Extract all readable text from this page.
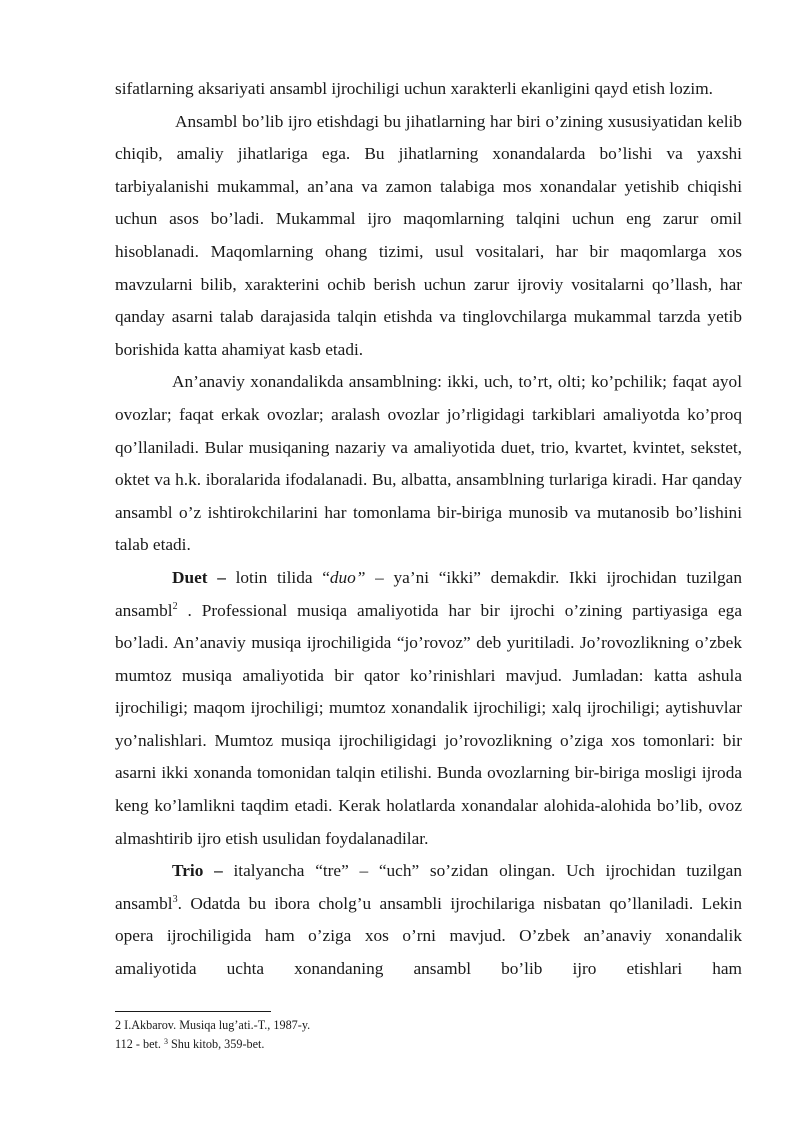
sifatlarning aksariyati ansambl ijrochiligi uchun xarakterli ekanligini qayd etish lozim.

Ansambl bo’lib ijro etishdagi bu jihatlarning har biri o’zining xususiyatidan kelib chiqib, amaliy jihatlariga ega. Bu jihatlarning xonandalarda bo’lishi va yaxshi tarbiyalanishi mukammal, an’ana va zamon talabiga mos xonandalar yetishib chiqishi uchun asos bo’ladi. Mukammal ijro maqomlarning talqini uchun eng zarur omil hisoblanadi. Maqomlarning ohang tizimi, usul vositalari, har bir maqomlarga xos mavzularni bilib, xarakterini ochib berish uchun zarur ijroviy vositalarni qo’llash, har qanday asarni talab darajasida talqin etishda va tinglovchilarga mukammal tarzda yetib borishida katta ahamiyat kasb etadi.

An’anaviy xonandalikda ansamblning: ikki, uch, to’rt, olti; ko’pchilik; faqat ayol ovozlar; faqat erkak ovozlar; aralash ovozlar jo’rligidagi tarkiblari amaliyotda ko’proq qo’llaniladi. Bular musiqaning nazariy va amaliyotida duet, trio, kvartet, kvintet, sekstet, oktet va h.k. iboralarida ifodalanadi. Bu, albatta, ansamblning turlariga kiradi. Har qanday ansambl o’z ishtirokchilarini har tomonlama bir-biriga munosib va mutanosib bo’lishini talab etadi.

Duet – lotin tilida “duo” – ya’ni “ikki” demakdir. Ikki ijrochidan tuzilgan ansambl$^2$ . Professional musiqa amaliyotida har bir ijrochi o’zining partiyasiga ega bo’ladi. An’anaviy musiqa ijrochiligida “jo’rovoz” deb yuritiladi. Jo’rovozlikning o’zbek mumtoz musiqa amaliyotida bir qator ko’rinishlari mavjud. Jumladan: katta ashula ijrochiligi; maqom ijrochiligi; mumtoz xonandalik ijrochiligi; xalq ijrochiligi; aytishuvlar yo’nalishlari. Mumtoz musiqa ijrochiligidagi jo’rovozlikning o’ziga xos tomonlari: bir asarni ikki xonanda tomonidan talqin etilishi. Bunda ovozlarning bir-biriga mosligi ijroda keng ko’lamlikni taqdim etadi. Kerak holatlarda xonandalar alohida-alohida bo’lib, ovoz almashtirib ijro etish usulidan foydalanadilar.

Trio – italyancha “tre” – “uch” so’zidan olingan. Uch ijrochidan tuzilgan ansambl$^3$. Odatda bu ibora cholg’u ansambli ijrochilariga nisbatan qo’llaniladi. Lekin opera ijrochiligida ham o’ziga xos o’rni mavjud. O’zbek an’anaviy xonandalik amaliyotida uchta xonandaning ansambl bo’lib ijro etishlari ham

2 I.Akbarov. Musiqa lug’ati.-T., 1987-y.

112 - bet. $^3$ Shu kitob, 359-bet.
